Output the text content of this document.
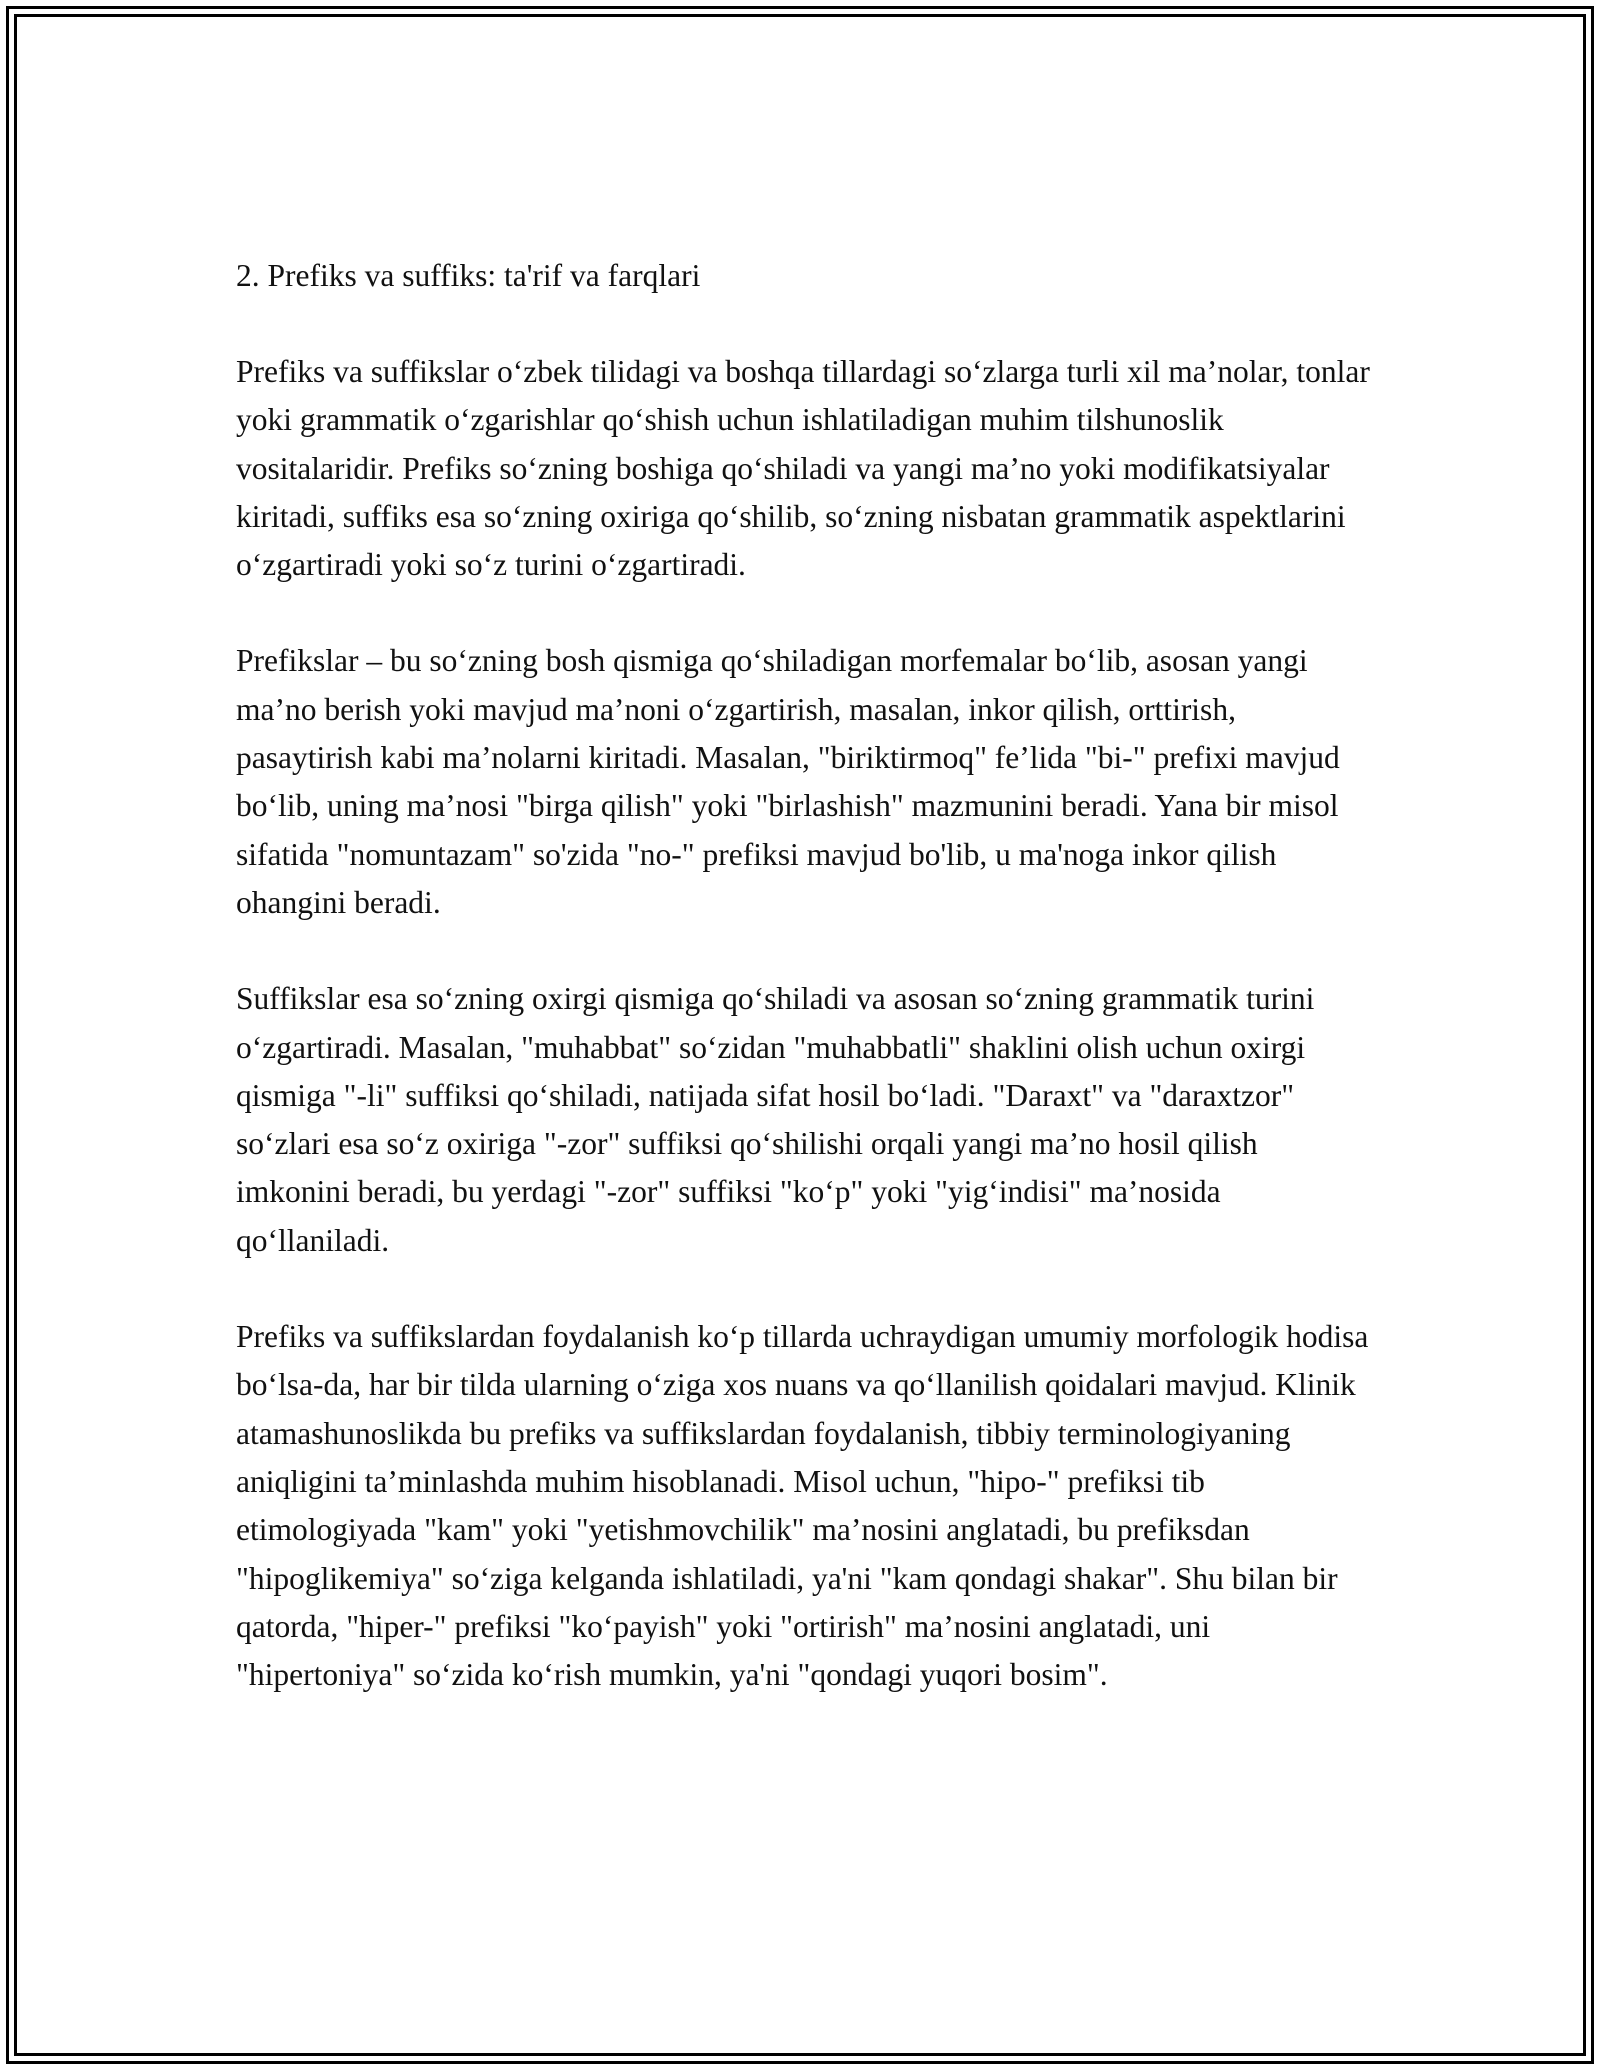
2. Prefiks va suffiks: ta'rif va farqlari

Prefiks va suffikslar o‘zbek tilidagi va boshqa tillardagi so‘zlarga turli xil ma’nolar, tonlar yoki grammatik o‘zgarishlar qo‘shish uchun ishlatiladigan muhim tilshunoslik vositalaridir. Prefiks so‘zning boshiga qo‘shiladi va yangi ma’no yoki modifikatsiyalar kiritadi, suffiks esa so‘zning oxiriga qo‘shilib, so‘zning nisbatan grammatik aspektlarini o‘zgartiradi yoki so‘z turini o‘zgartiradi.

Prefikslar – bu so‘zning bosh qismiga qo‘shiladigan morfemalar bo‘lib, asosan yangi ma’no berish yoki mavjud ma’noni o‘zgartirish, masalan, inkor qilish, orttirish, pasaytirish kabi ma’nolarni kiritadi. Masalan, "biriktirmoq" fe’lida "bi-" prefixi mavjud bo‘lib, uning ma’nosi "birga qilish" yoki "birlashish" mazmunini beradi. Yana bir misol sifatida "nomuntazam" so'zida "no-" prefiksi mavjud bo'lib, u ma'noga inkor qilish ohangini beradi.

Suffikslar esa so‘zning oxirgi qismiga qo‘shiladi va asosan so‘zning grammatik turini o‘zgartiradi. Masalan, "muhabbat" so‘zidan "muhabbatli" shaklini olish uchun oxirgi qismiga "-li" suffiksi qo‘shiladi, natijada sifat hosil bo‘ladi. "Daraxt" va "daraxtzor" so‘zlari esa so‘z oxiriga "-zor" suffiksi qo‘shilishi orqali yangi ma’no hosil qilish imkonini beradi, bu yerdagi "-zor" suffiksi "ko‘p" yoki "yig‘indisi" ma’nosida qo‘llaniladi.

Prefiks va suffikslardan foydalanish ko‘p tillarda uchraydigan umumiy morfologik hodisa bo‘lsa-da, har bir tilda ularning o‘ziga xos nuans va qo‘llanilish qoidalari mavjud. Klinik atamashunoslikda bu prefiks va suffikslardan foydalanish, tibbiy terminologiyaning aniqligini ta’minlashda muhim hisoblanadi. Misol uchun, "hipo-" prefiksi tib etimologiyada "kam" yoki "yetishmovchilik" ma’nosini anglatadi, bu prefiksdan "hipoglikemiya" so‘ziga kelganda ishlatiladi, ya'ni "kam qondagi shakar". Shu bilan bir qatorda, "hiper-" prefiksi "ko‘payish" yoki "ortirish" ma’nosini anglatadi, uni "hipertoniya" so‘zida ko‘rish mumkin, ya'ni "qondagi yuqori bosim".
